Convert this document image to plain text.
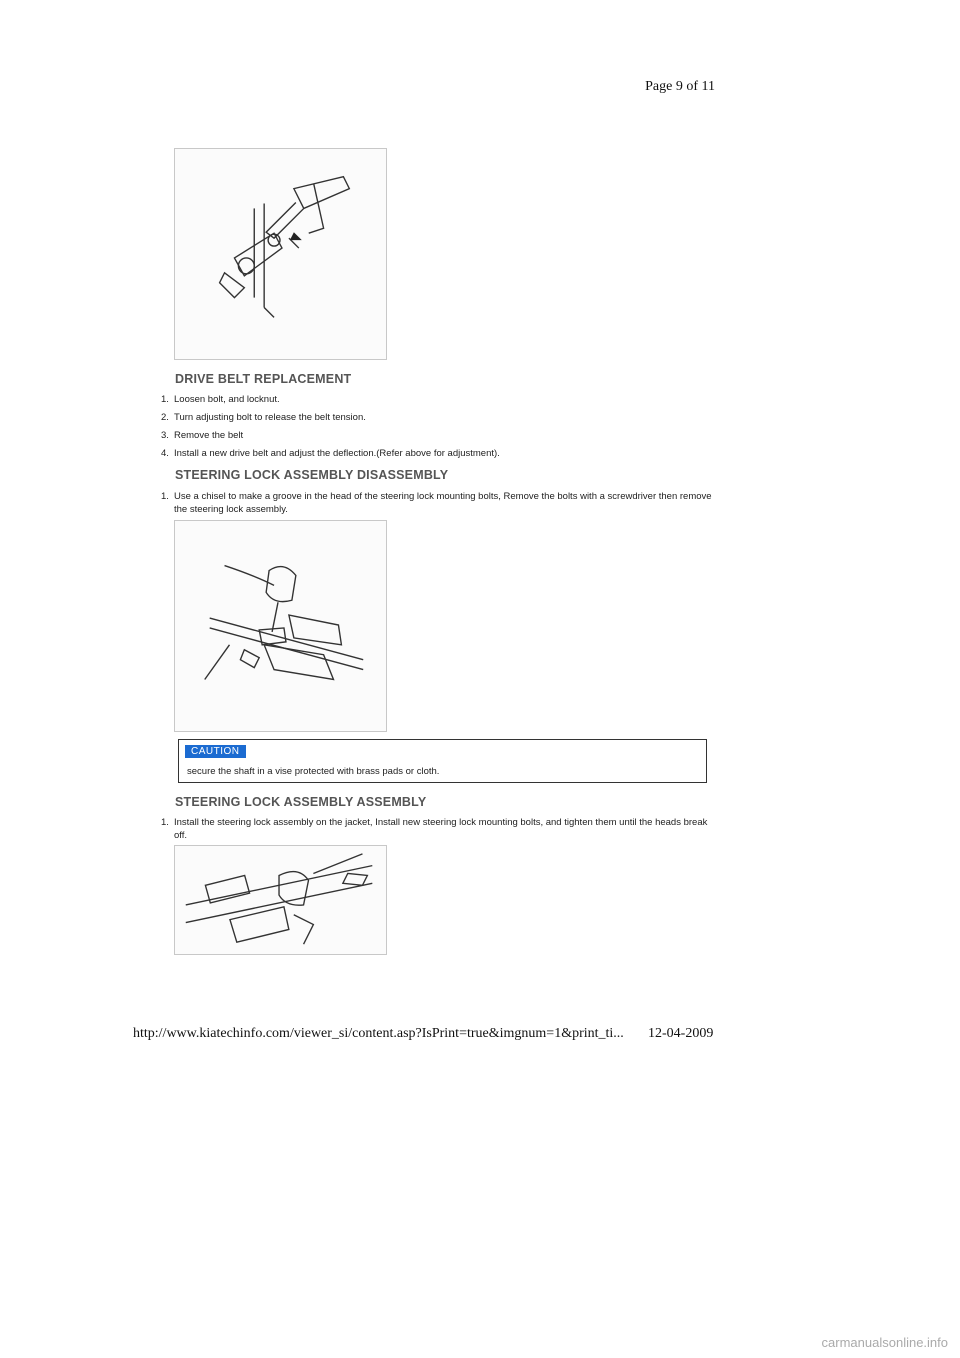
Page 9 of 11
DRIVE BELT REPLACEMENT
1. Loosen bolt, and locknut.
2. Turn adjusting bolt to release the belt tension.
3. Remove the belt
4. Install a new drive belt and adjust the deflection.(Refer above for adjustment).
STEERING LOCK ASSEMBLY DISASSEMBLY
1. Use a chisel to make a groove in the head of the steering lock mounting bolts, Remove the bolts with a screwdriver then remove the steering lock assembly.
CAUTION
secure the shaft in a vise protected with brass pads or cloth.
STEERING LOCK ASSEMBLY ASSEMBLY
1. Install the steering lock assembly on the jacket, Install new steering lock mounting bolts, and tighten them until the heads break off.
http://www.kiatechinfo.com/viewer_si/content.asp?IsPrint=true&imgnum=1&print_ti... 12-04-2009
carmanualsonline.info
